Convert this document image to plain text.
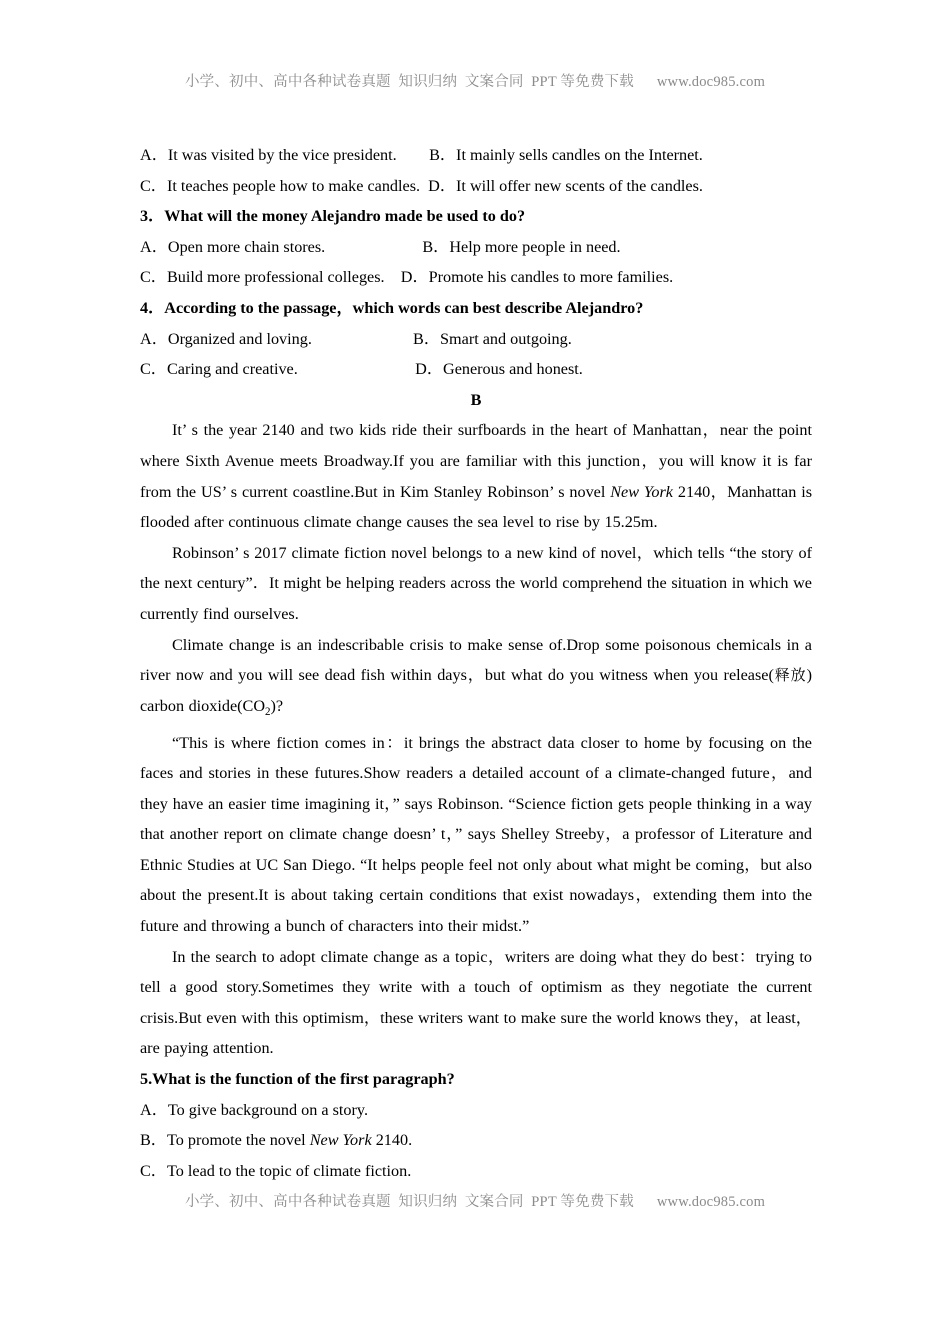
小学、初中、高中各种试卷真题  知识归纳  文案合同  PPT 等免费下载      www.doc985.com
A．It was visited by the vice president.        B．It mainly sells candles on the Internet.
C．It teaches people how to make candles.  D．It will offer new scents of the candles.
3．What will the money Alejandro made be used to do?
A．Open more chain stores.                        B．Help more people in need.
C．Build more professional colleges.    D．Promote his candles to more families.
4．According to the passage，which words can best describe Alejandro?
A．Organized and loving.                         B．Smart and outgoing.
C．Caring and creative.                             D．Generous and honest.
B

It’ s the year 2140 and two kids ride their surfboards in the heart of Manhattan，near the point where Sixth Avenue meets Broadway.If you are familiar with this junction，you will know it is far from the US’ s current coastline.But in Kim Stanley Robinson’ s novel New York 2140，Manhattan is flooded after continuous climate change causes the sea level to rise by 15.25m.

Robinson’ s 2017 climate fiction novel belongs to a new kind of novel，which tells “the story of the next century”．It might be helping readers across the world comprehend the situation in which we currently find ourselves.

Climate change is an indescribable crisis to make sense of.Drop some poisonous chemicals in a river now and you will see dead fish within days，but what do you witness when you release(释放) carbon $dioxide(CO_2)$?

“This is where fiction comes in：it brings the abstract data closer to home by focusing on the faces and stories in these futures.Show readers a detailed account of a climate-changed future，and they have an easier time imagining it，” says Robinson. “Science fiction gets people thinking in a way that another report on climate change doesn’ t，” says Shelley Streeby，a professor of Literature and Ethnic Studies at UC San Diego. “It helps people feel not only about what might be coming，but also about the present.It is about taking certain conditions that exist nowadays，extending them into the future and throwing a bunch of characters into their midst.”

In the search to adopt climate change as a topic，writers are doing what they do best：trying to tell a good story.Sometimes they write with a touch of optimism as they negotiate the current crisis.But even with this optimism，these writers want to make sure the world knows they，at least，are paying attention.

5.What is the function of the first paragraph?
A．To give background on a story.
B．To promote the novel New York 2140.
C．To lead to the topic of climate fiction.
小学、初中、高中各种试卷真题  知识归纳  文案合同  PPT 等免费下载      www.doc985.com
